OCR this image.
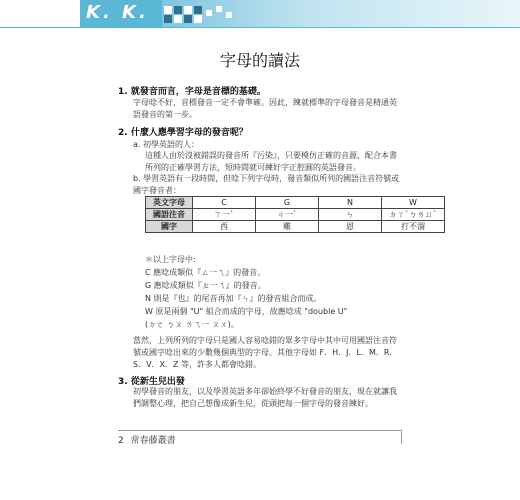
K. K.
字母的讀法
1. 就發音而言，字母是音標的基礎。
字母唸不好，音標發音一定不會準確。因此，練就標準的字母發音是精通英語發音的第一步。
2. 什麼人應學習字母的發音呢？
a. 初學英語的人：
這種人由於沒被錯誤的發音所『污染』，只要模仿正確的音源，配合本書所列的正確學習方法，短時間就可練好字正腔圓的英語發音。
b. 學習英語有一段時間，但唸下列字母時，發音類似所列的國語注音符號或國字發音者：
英文字母	C	G	N	W
國語注音	ㄒ一ˋ	ㄐ一ˋ	ㄣ	ㄉㄚˋㄅㄌㄩˋ
國字	西	雞	恩	打不溜
＊以上字母中:
C 應唸成類似『ㄙ一ㄟ』的發音。
G 應唸成類似『ㄓ一ㄟ』的發音。
N 則是『也』的尾音再加『ㄣ』的發音組合而成。
W 原是兩個 "U" 組合而成的字母，故應唸成 "double U"
(ㄉㄜ ㄅㄡ ㄌㄟ一 ㄡㄨ)。
當然，上列所列的字母只是國人容易唸錯的眾多字母中其中可用國語注音符號或國字唸出來的少數幾個典型的字母。其他字母如 F．H．J．L．M．R．S．V．X．Z 等，許多人都會唸錯。
3. 從新生兒出發
初學發音的朋友，以及學習英語多年卻始終學不好發音的朋友，現在就讓我們調整心理，把自己想像成新生兒，從頭把每一個字母的發音練好。
2 常春藤叢書
